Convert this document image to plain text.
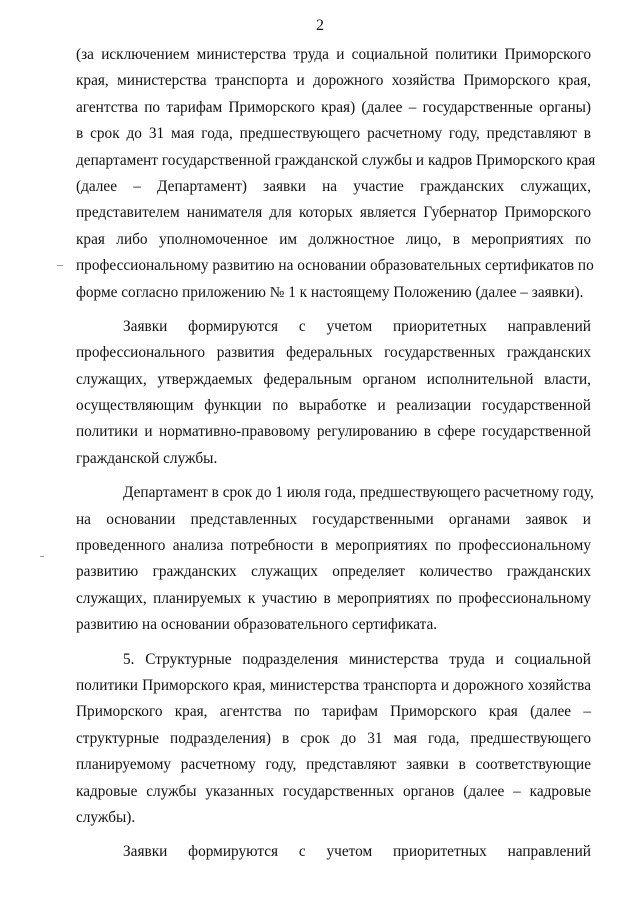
2
(за исключением министерства труда и социальной политики Приморского
края, министерства транспорта и дорожного хозяйства Приморского края,
агентства по тарифам Приморского края) (далее – государственные органы)
в срок до 31 мая года, предшествующего расчетному году, представляют в
департамент государственной гражданской службы и кадров Приморского края
(далее – Департамент) заявки на участие гражданских служащих,
представителем нанимателя для которых является Губернатор Приморского
края либо уполномоченное им должностное лицо, в мероприятиях по
профессиональному развитию на основании образовательных сертификатов по
форме согласно приложению № 1 к настоящему Положению (далее – заявки).
Заявки формируются с учетом приоритетных направлений
профессионального развития федеральных государственных гражданских
служащих, утверждаемых федеральным органом исполнительной власти,
осуществляющим функции по выработке и реализации государственной
политики и нормативно-правовому регулированию в сфере государственной
гражданской службы.
Департамент в срок до 1 июля года, предшествующего расчетному году,
на основании представленных государственными органами заявок и
проведенного анализа потребности в мероприятиях по профессиональному
развитию гражданских служащих определяет количество гражданских
служащих, планируемых к участию в мероприятиях по профессиональному
развитию на основании образовательного сертификата.
5. Структурные подразделения министерства труда и социальной
политики Приморского края, министерства транспорта и дорожного хозяйства
Приморского края, агентства по тарифам Приморского края (далее –
структурные подразделения) в срок до 31 мая года, предшествующего
планируемому расчетному году, представляют заявки в соответствующие
кадровые службы указанных государственных органов (далее – кадровые
службы).
Заявки формируются с учетом приоритетных направлений
